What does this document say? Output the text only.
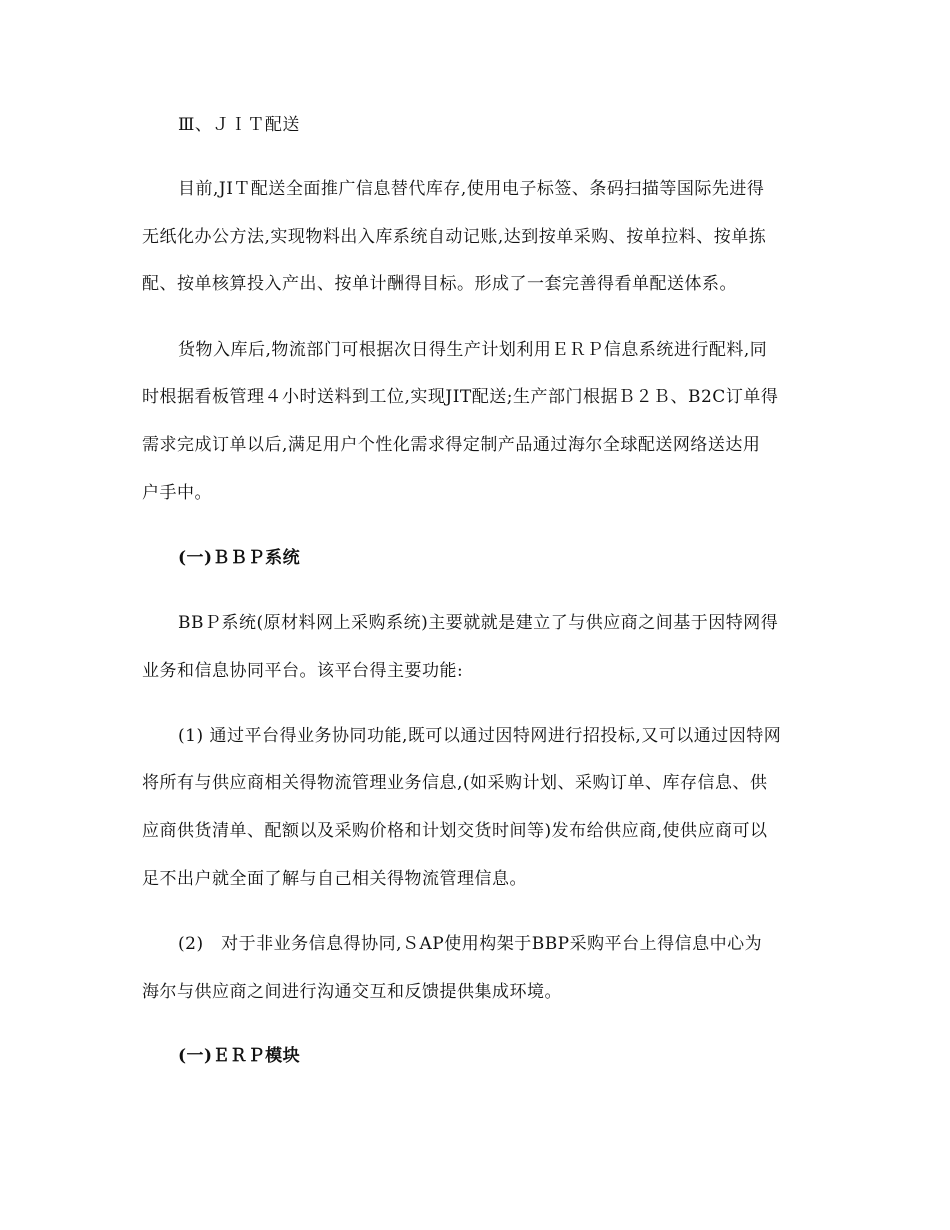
Ⅲ、ＪＩＴ配送
目前,JIＴ配送全面推广信息替代库存,使用电子标签、条码扫描等国际先进得
无纸化办公方法,实现物料出入库系统自动记账,达到按单采购、按单拉料、按单拣
配、按单核算投入产出、按单计酬得目标。形成了一套完善得看单配送体系。
货物入库后,物流部门可根据次日得生产计划利用ＥＲＰ信息系统进行配料,同
时根据看板管理４小时送料到工位,实现JIT配送;生产部门根据Ｂ２Ｂ、B2C订单得
需求完成订单以后,满足用户个性化需求得定制产品通过海尔全球配送网络送达用
户手中。
(一)ＢＢＰ系统
BBＰ系统(原材料网上采购系统)主要就就是建立了与供应商之间基于因特网得
业务和信息协同平台。该平台得主要功能:
(1) 通过平台得业务协同功能,既可以通过因特网进行招投标,又可以通过因特网
将所有与供应商相关得物流管理业务信息,(如采购计划、采购订单、库存信息、供
应商供货清单、配额以及采购价格和计划交货时间等)发布给供应商,使供应商可以
足不出户就全面了解与自己相关得物流管理信息。
(2)　对于非业务信息得协同,ＳAP使用构架于BBP采购平台上得信息中心为
海尔与供应商之间进行沟通交互和反馈提供集成环境。
(一)ＥＲＰ模块
